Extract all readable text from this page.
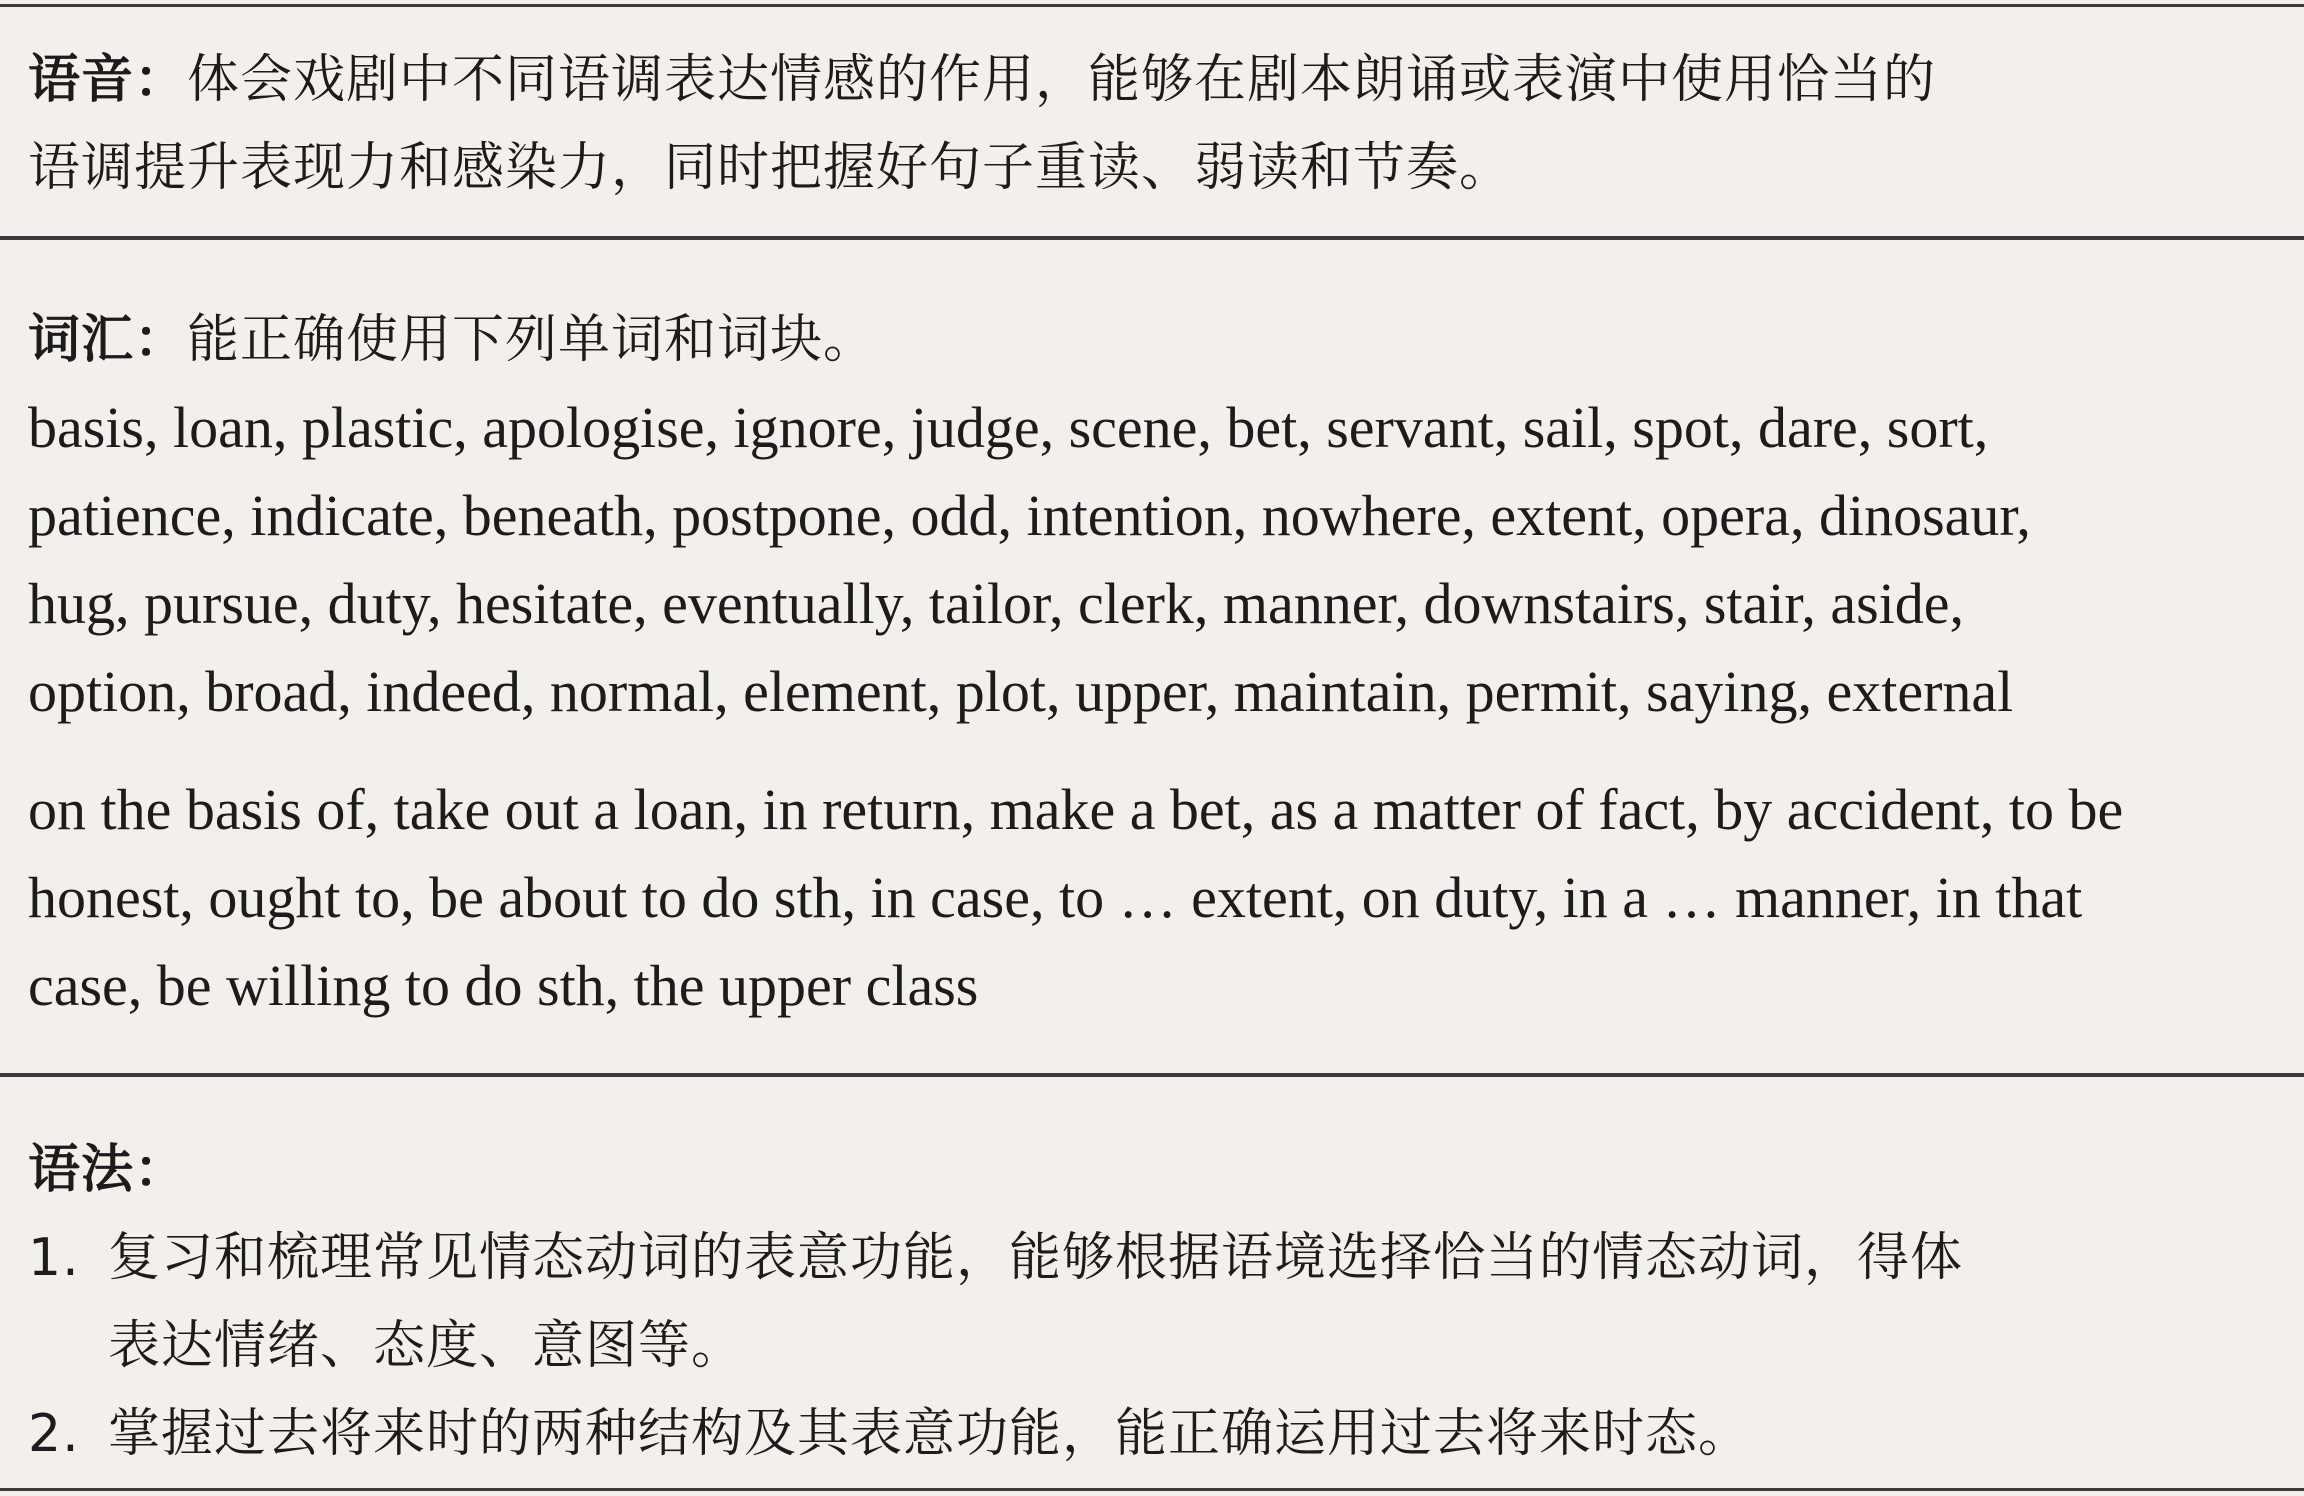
语音：体会戏剧中不同语调表达情感的作用，能够在剧本朗诵或表演中使用恰当的
语调提升表现力和感染力，同时把握好句子重读、弱读和节奏。
词汇：能正确使用下列单词和词块。
basis, loan, plastic, apologise, ignore, judge, scene, bet, servant, sail, spot, dare, sort,
patience, indicate, beneath, postpone, odd, intention, nowhere, extent, opera, dinosaur,
hug, pursue, duty, hesitate, eventually, tailor, clerk, manner, downstairs, stair, aside,
option, broad, indeed, normal, element, plot, upper, maintain, permit, saying, external
on the basis of, take out a loan, in return, make a bet, as a matter of fact, by accident, to be
honest, ought to, be about to do sth, in case, to … extent, on duty, in a … manner, in that
case, be willing to do sth, the upper class
语法：
1. 复习和梳理常见情态动词的表意功能，能够根据语境选择恰当的情态动词，得体
表达情绪、态度、意图等。
2. 掌握过去将来时的两种结构及其表意功能，能正确运用过去将来时态。
